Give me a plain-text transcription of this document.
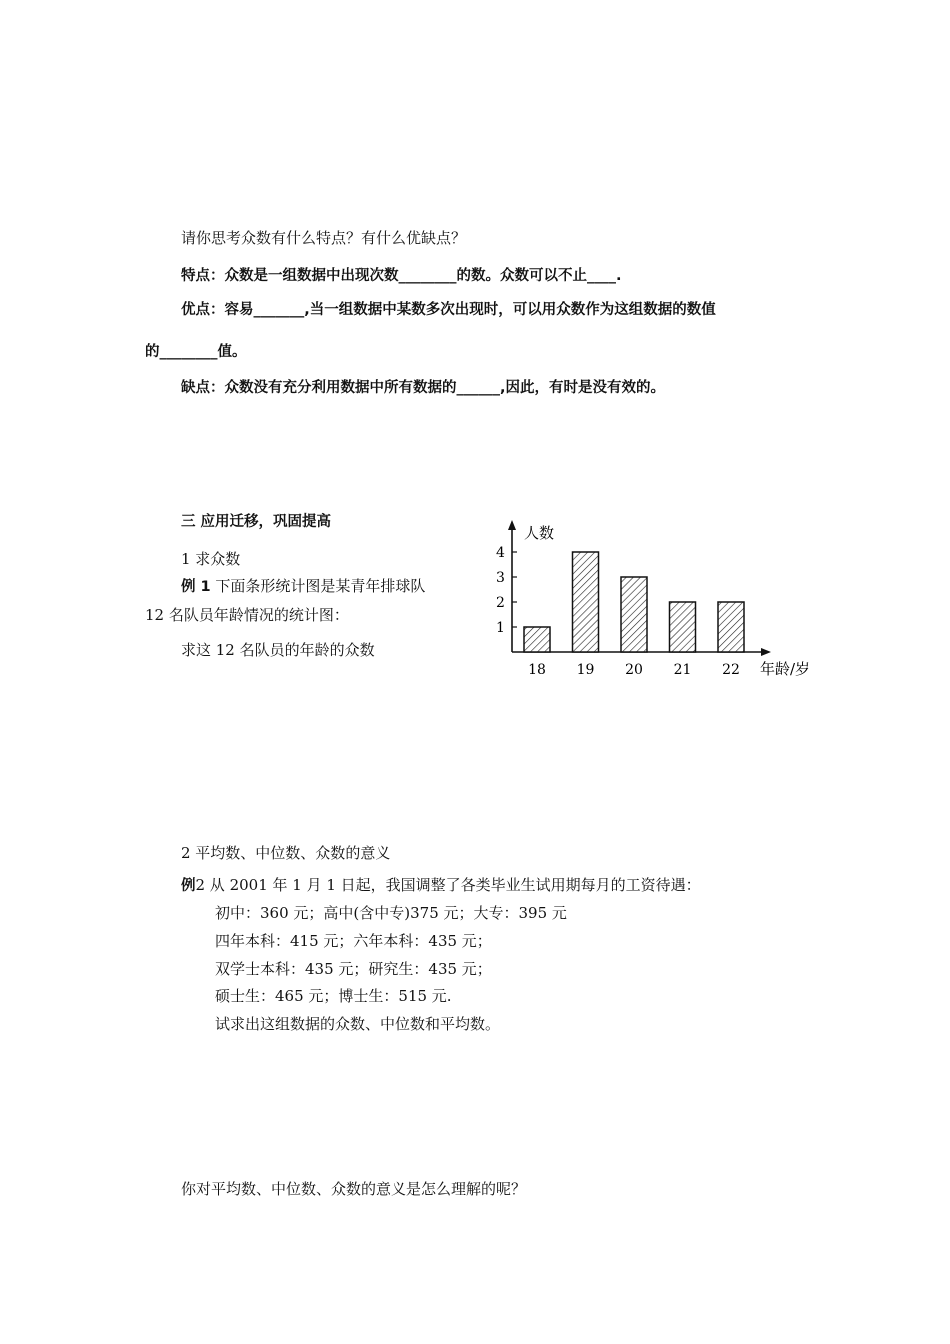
请你思考众数有什么特点？有什么优缺点？
特点：众数是一组数据中出现次数________的数。众数可以不止____.
优点：容易_______,当一组数据中某数多次出现时，可以用众数作为这组数据的数值
的________值。
缺点：众数没有充分利用数据中所有数据的______,因此，有时是没有效的。
三 应用迁移，巩固提高
1 求众数
例 1 下面条形统计图是某青年排球队
12 名队员年龄情况的统计图：
求这 12 名队员的年龄的众数
人数
年龄/岁
1
2
3
4
18 19 20 21 22
2 平均数、中位数、众数的意义
例2 从 2001 年 1 月 1 日起，我国调整了各类毕业生试用期每月的工资待遇：
初中：360 元；高中(含中专)375 元；大专：395 元
四年本科：415 元；六年本科：435 元；
双学士本科：435 元；研究生：435 元；
硕士生：465 元；博士生：515 元.
试求出这组数据的众数、中位数和平均数。
你对平均数、中位数、众数的意义是怎么理解的呢？
